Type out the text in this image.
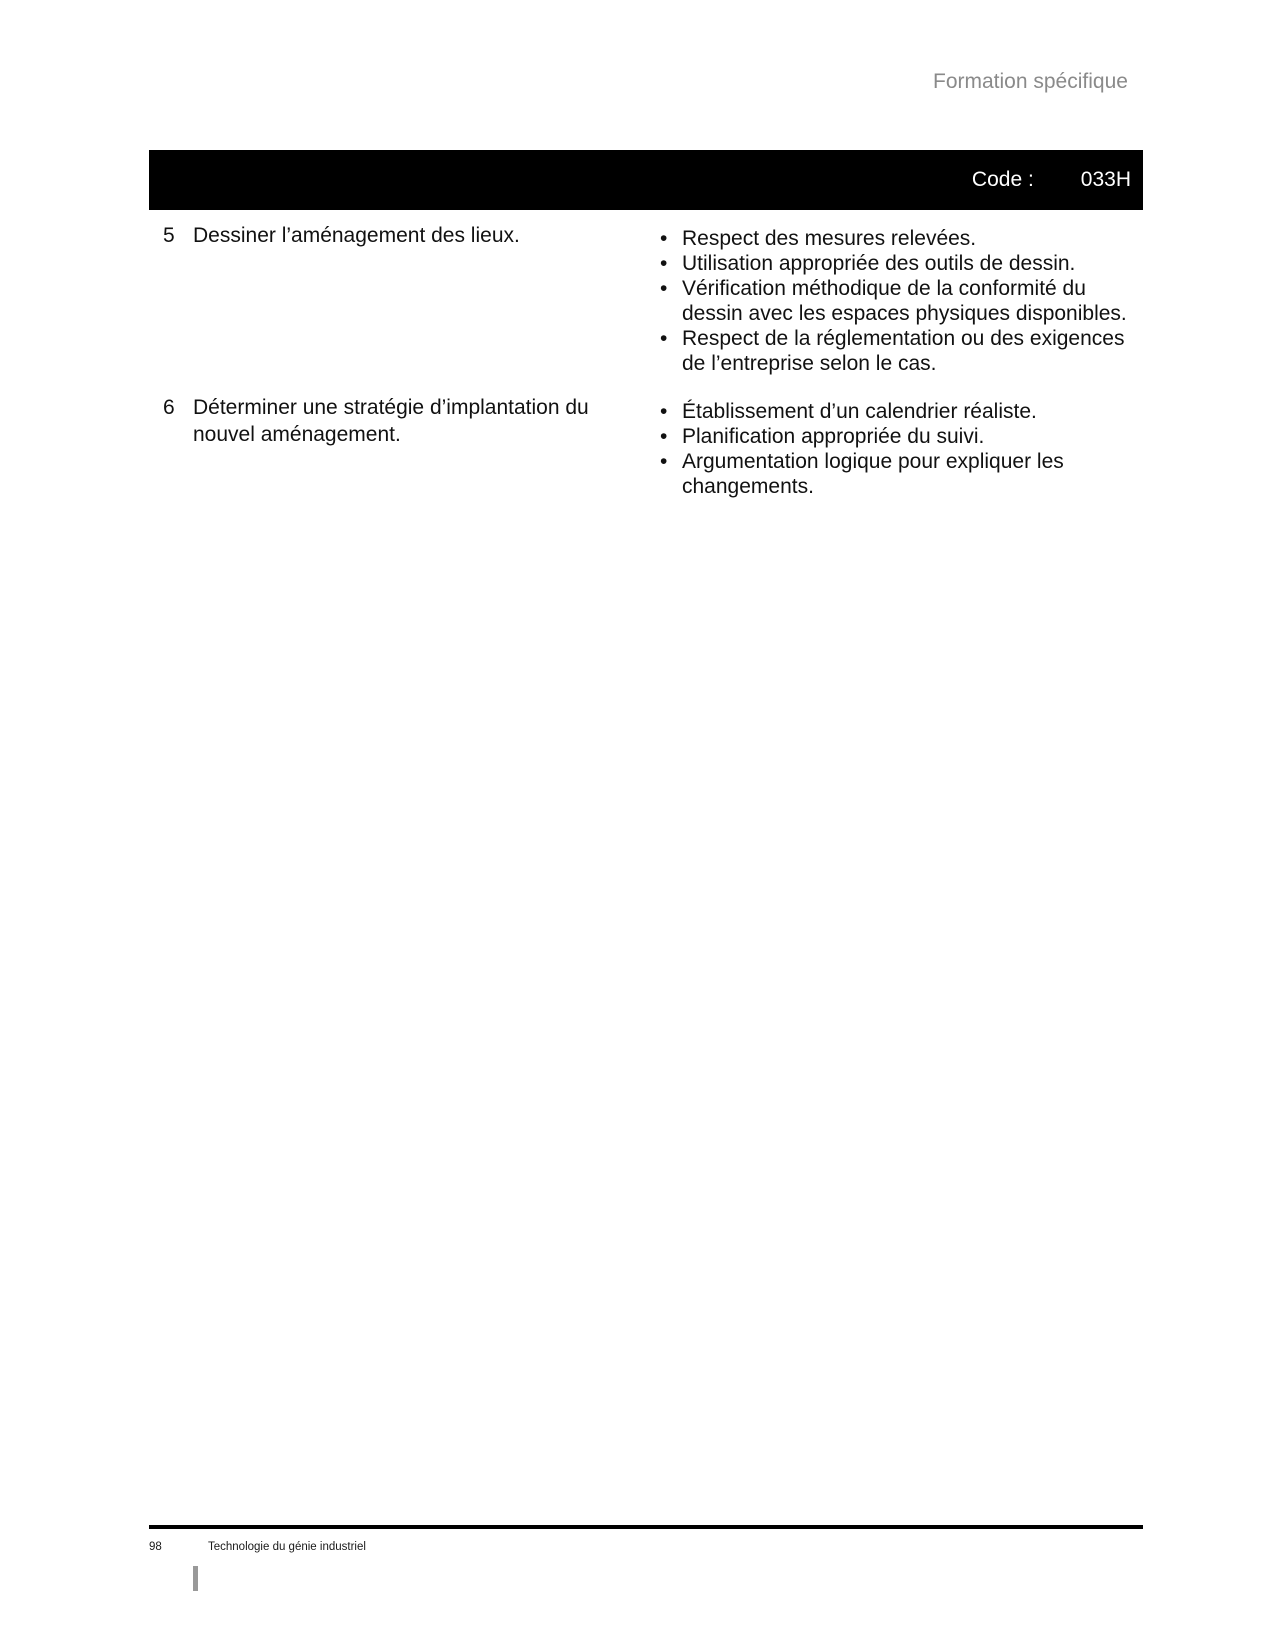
Formation spécifique
Code : 033H
5 Dessiner l’aménagement des lieux.	• Respect des mesures relevées.
• Utilisation appropriée des outils de dessin.
• Vérification méthodique de la conformité du
dessin avec les espaces physiques disponibles.
• Respect de la réglementation ou des exigences
de l’entreprise selon le cas.
6 Déterminer une stratégie d’implantation du
nouvel aménagement.
• Établissement d’un calendrier réaliste.
• Planification appropriée du suivi.
• Argumentation logique pour expliquer les
changements.
98	Technologie du génie industriel
